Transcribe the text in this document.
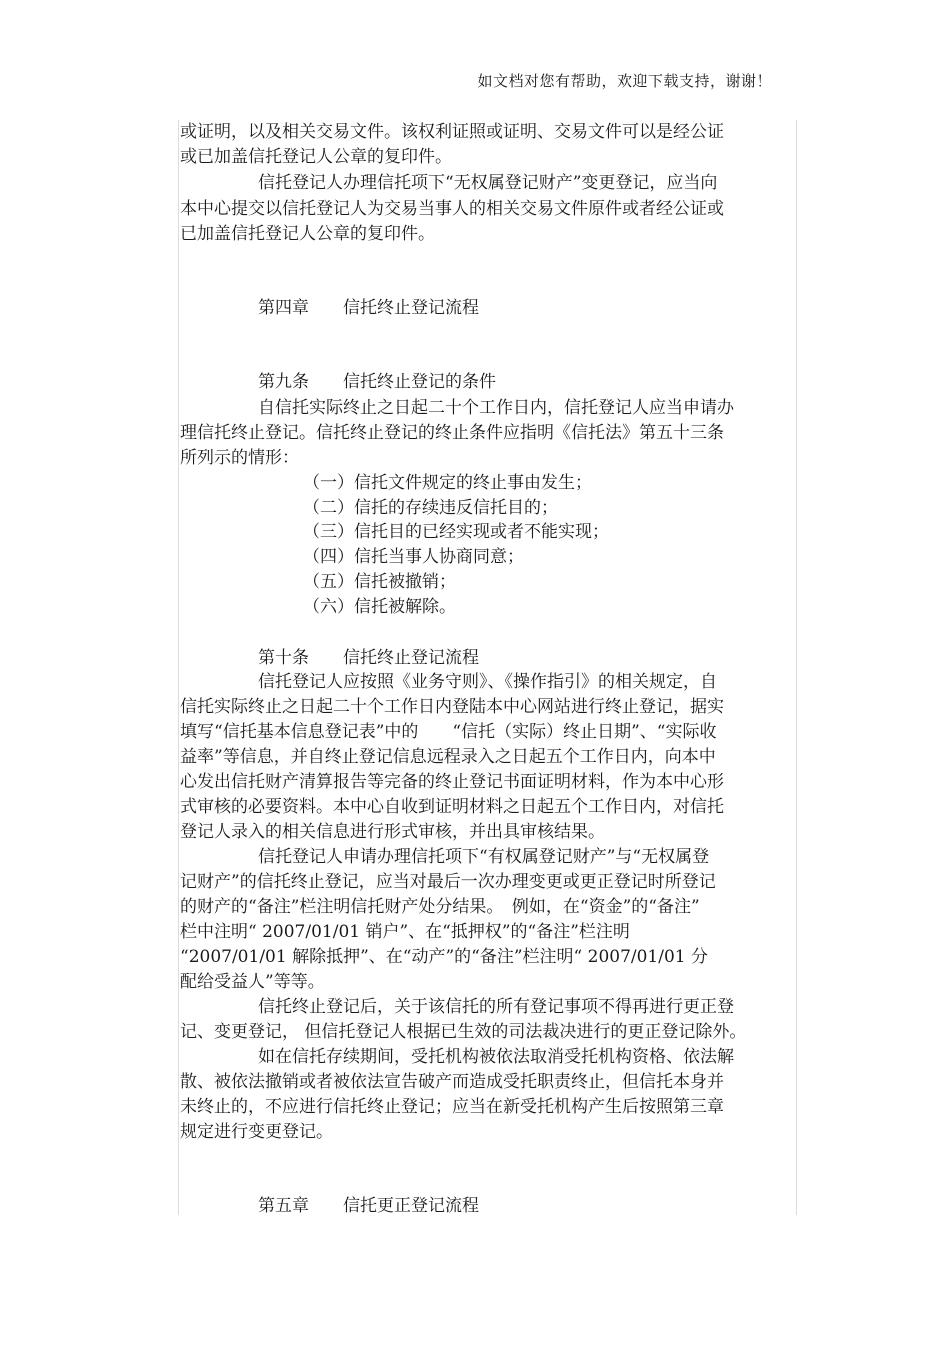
如文档对您有帮助，欢迎下载支持，谢谢！
或证明，以及相关交易文件。该权利证照或证明、交易文件可以是经公证
或已加盖信托登记人公章的复印件。
信托登记人办理信托项下“无权属登记财产”变更登记，应当向
本中心提交以信托登记人为交易当事人的相关交易文件原件或者经公证或
已加盖信托登记人公章的复印件。
第四章 信托终止登记流程
第九条 信托终止登记的条件
自信托实际终止之日起二十个工作日内，信托登记人应当申请办
理信托终止登记。信托终止登记的终止条件应指明《信托法》第五十三条
所列示的情形：
（一）信托文件规定的终止事由发生；
（二）信托的存续违反信托目的；
（三）信托目的已经实现或者不能实现；
（四）信托当事人协商同意；
（五）信托被撤销；
（六）信托被解除。
第十条 信托终止登记流程
信托登记人应按照《业务守则》、《操作指引》的相关规定，自
信托实际终止之日起二十个工作日内登陆本中心网站进行终止登记，据实
填写“信托基本信息登记表”中的　　“信托（实际）终止日期”、“实际收
益率”等信息，并自终止登记信息远程录入之日起五个工作日内，向本中
心发出信托财产清算报告等完备的终止登记书面证明材料，作为本中心形
式审核的必要资料。本中心自收到证明材料之日起五个工作日内，对信托
登记人录入的相关信息进行形式审核，并出具审核结果。
信托登记人申请办理信托项下“有权属登记财产”与“无权属登
记财产”的信托终止登记，应当对最后一次办理变更或更正登记时所登记
的财产的“备注”栏注明信托财产处分结果。　例如，在“资金”的“备注”
栏中注明“ 2007/01/01 销户”、在“抵押权”的“备注”栏注明
“2007/01/01 解除抵押”、在“动产”的“备注”栏注明“ 2007/01/01 分
配给受益人”等等。
信托终止登记后，关于该信托的所有登记事项不得再进行更正登
记、变更登记， 但信托登记人根据已生效的司法裁决进行的更正登记除外。
如在信托存续期间，受托机构被依法取消受托机构资格、依法解
散、被依法撤销或者被依法宣告破产而造成受托职责终止，但信托本身并
未终止的，不应进行信托终止登记；应当在新受托机构产生后按照第三章
规定进行变更登记。
第五章 信托更正登记流程
